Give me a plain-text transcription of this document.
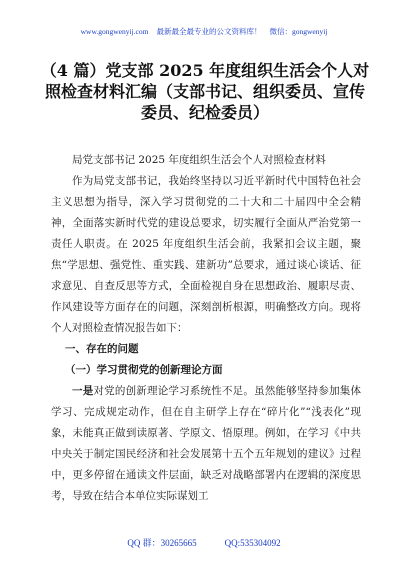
www.gongwenyij.com 最新最全最专业的公文资料库！ 微信：gongwenyij
（4 篇）党支部 2025 年度组织生活会个人对照检查材料汇编（支部书记、组织委员、宣传委员、纪检委员）

局党支部书记 2025 年度组织生活会个人对照检查材料

作为局党支部书记，我始终坚持以习近平新时代中国特色社会主义思想为指导，深入学习贯彻党的二十大和二十届四中全会精神，全面落实新时代党的建设总要求，切实履行全面从严治党第一责任人职责。在 2025 年度组织生活会前，我紧扣会议主题，聚焦“学思想、强党性、重实践、建新功”总要求，通过谈心谈话、征求意见、自查反思等方式，全面检视自身在思想政治、履职尽责、作风建设等方面存在的问题，深刻剖析根源，明确整改方向。现将个人对照检查情况报告如下：

一、存在的问题

（一）学习贯彻党的创新理论方面

一是对党的创新理论学习系统性不足。虽然能够坚持参加集体学习、完成规定动作，但在自主研学上存在“碎片化”“浅表化”现象，未能真正做到读原著、学原文、悟原理。例如，在学习《中共中央关于制定国民经济和社会发展第十五个五年规划的建议》过程中，更多停留在通读文件层面，缺乏对战略部署内在逻辑的深度思考，导致在结合本单位实际谋划工

QQ 群：30265665	QQ:535304092
